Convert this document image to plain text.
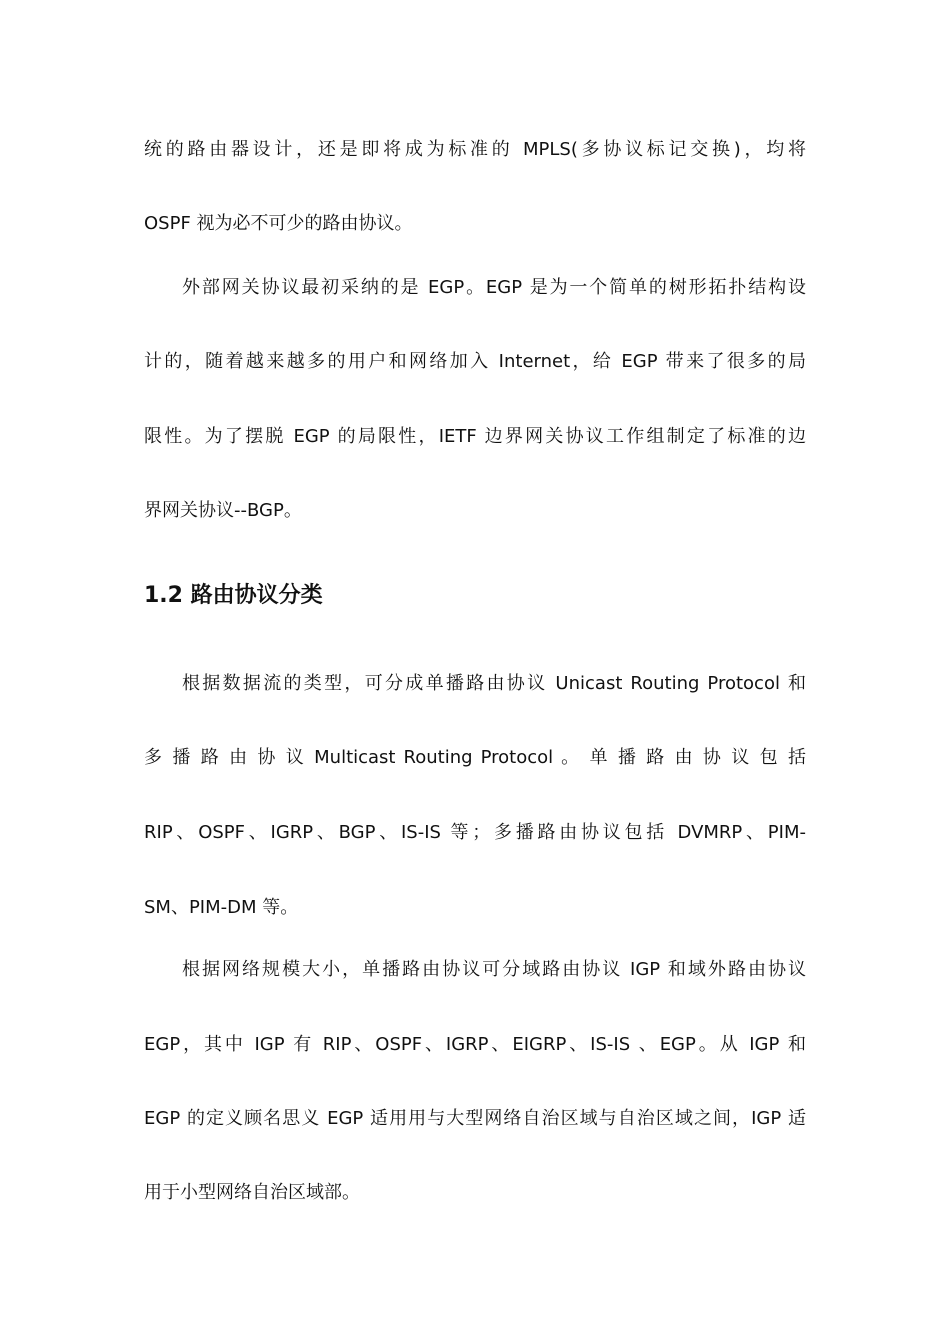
统的路由器设计，还是即将成为标准的 MPLS(多协议标记交换)，均将
OSPF 视为必不可少的路由协议。
外部网关协议最初采纳的是 EGP。EGP 是为一个简单的树形拓扑结构设
计的，随着越来越多的用户和网络加入 Internet，给 EGP 带来了很多的局
限性。为了摆脱 EGP 的局限性，IETF 边界网关协议工作组制定了标准的边
界网关协议--BGP。
1.2 路由协议分类
根据数据流的类型，可分成单播路由协议 Unicast Routing Protocol 和
多 播 路 由 协 议 Multicast Routing Protocol 。 单 播 路 由 协 议 包 括
RIP、OSPF、IGRP、BGP、IS-IS 等；多播路由协议包括 DVMRP、PIM-
SM、PIM-DM 等。
根据网络规模大小，单播路由协议可分域路由协议 IGP 和域外路由协议
EGP，其中 IGP 有 RIP、OSPF、IGRP、EIGRP、IS-IS 、EGP。从 IGP 和
EGP 的定义顾名思义 EGP 适用用与大型网络自治区域与自治区域之间，IGP 适
用于小型网络自治区域部。
